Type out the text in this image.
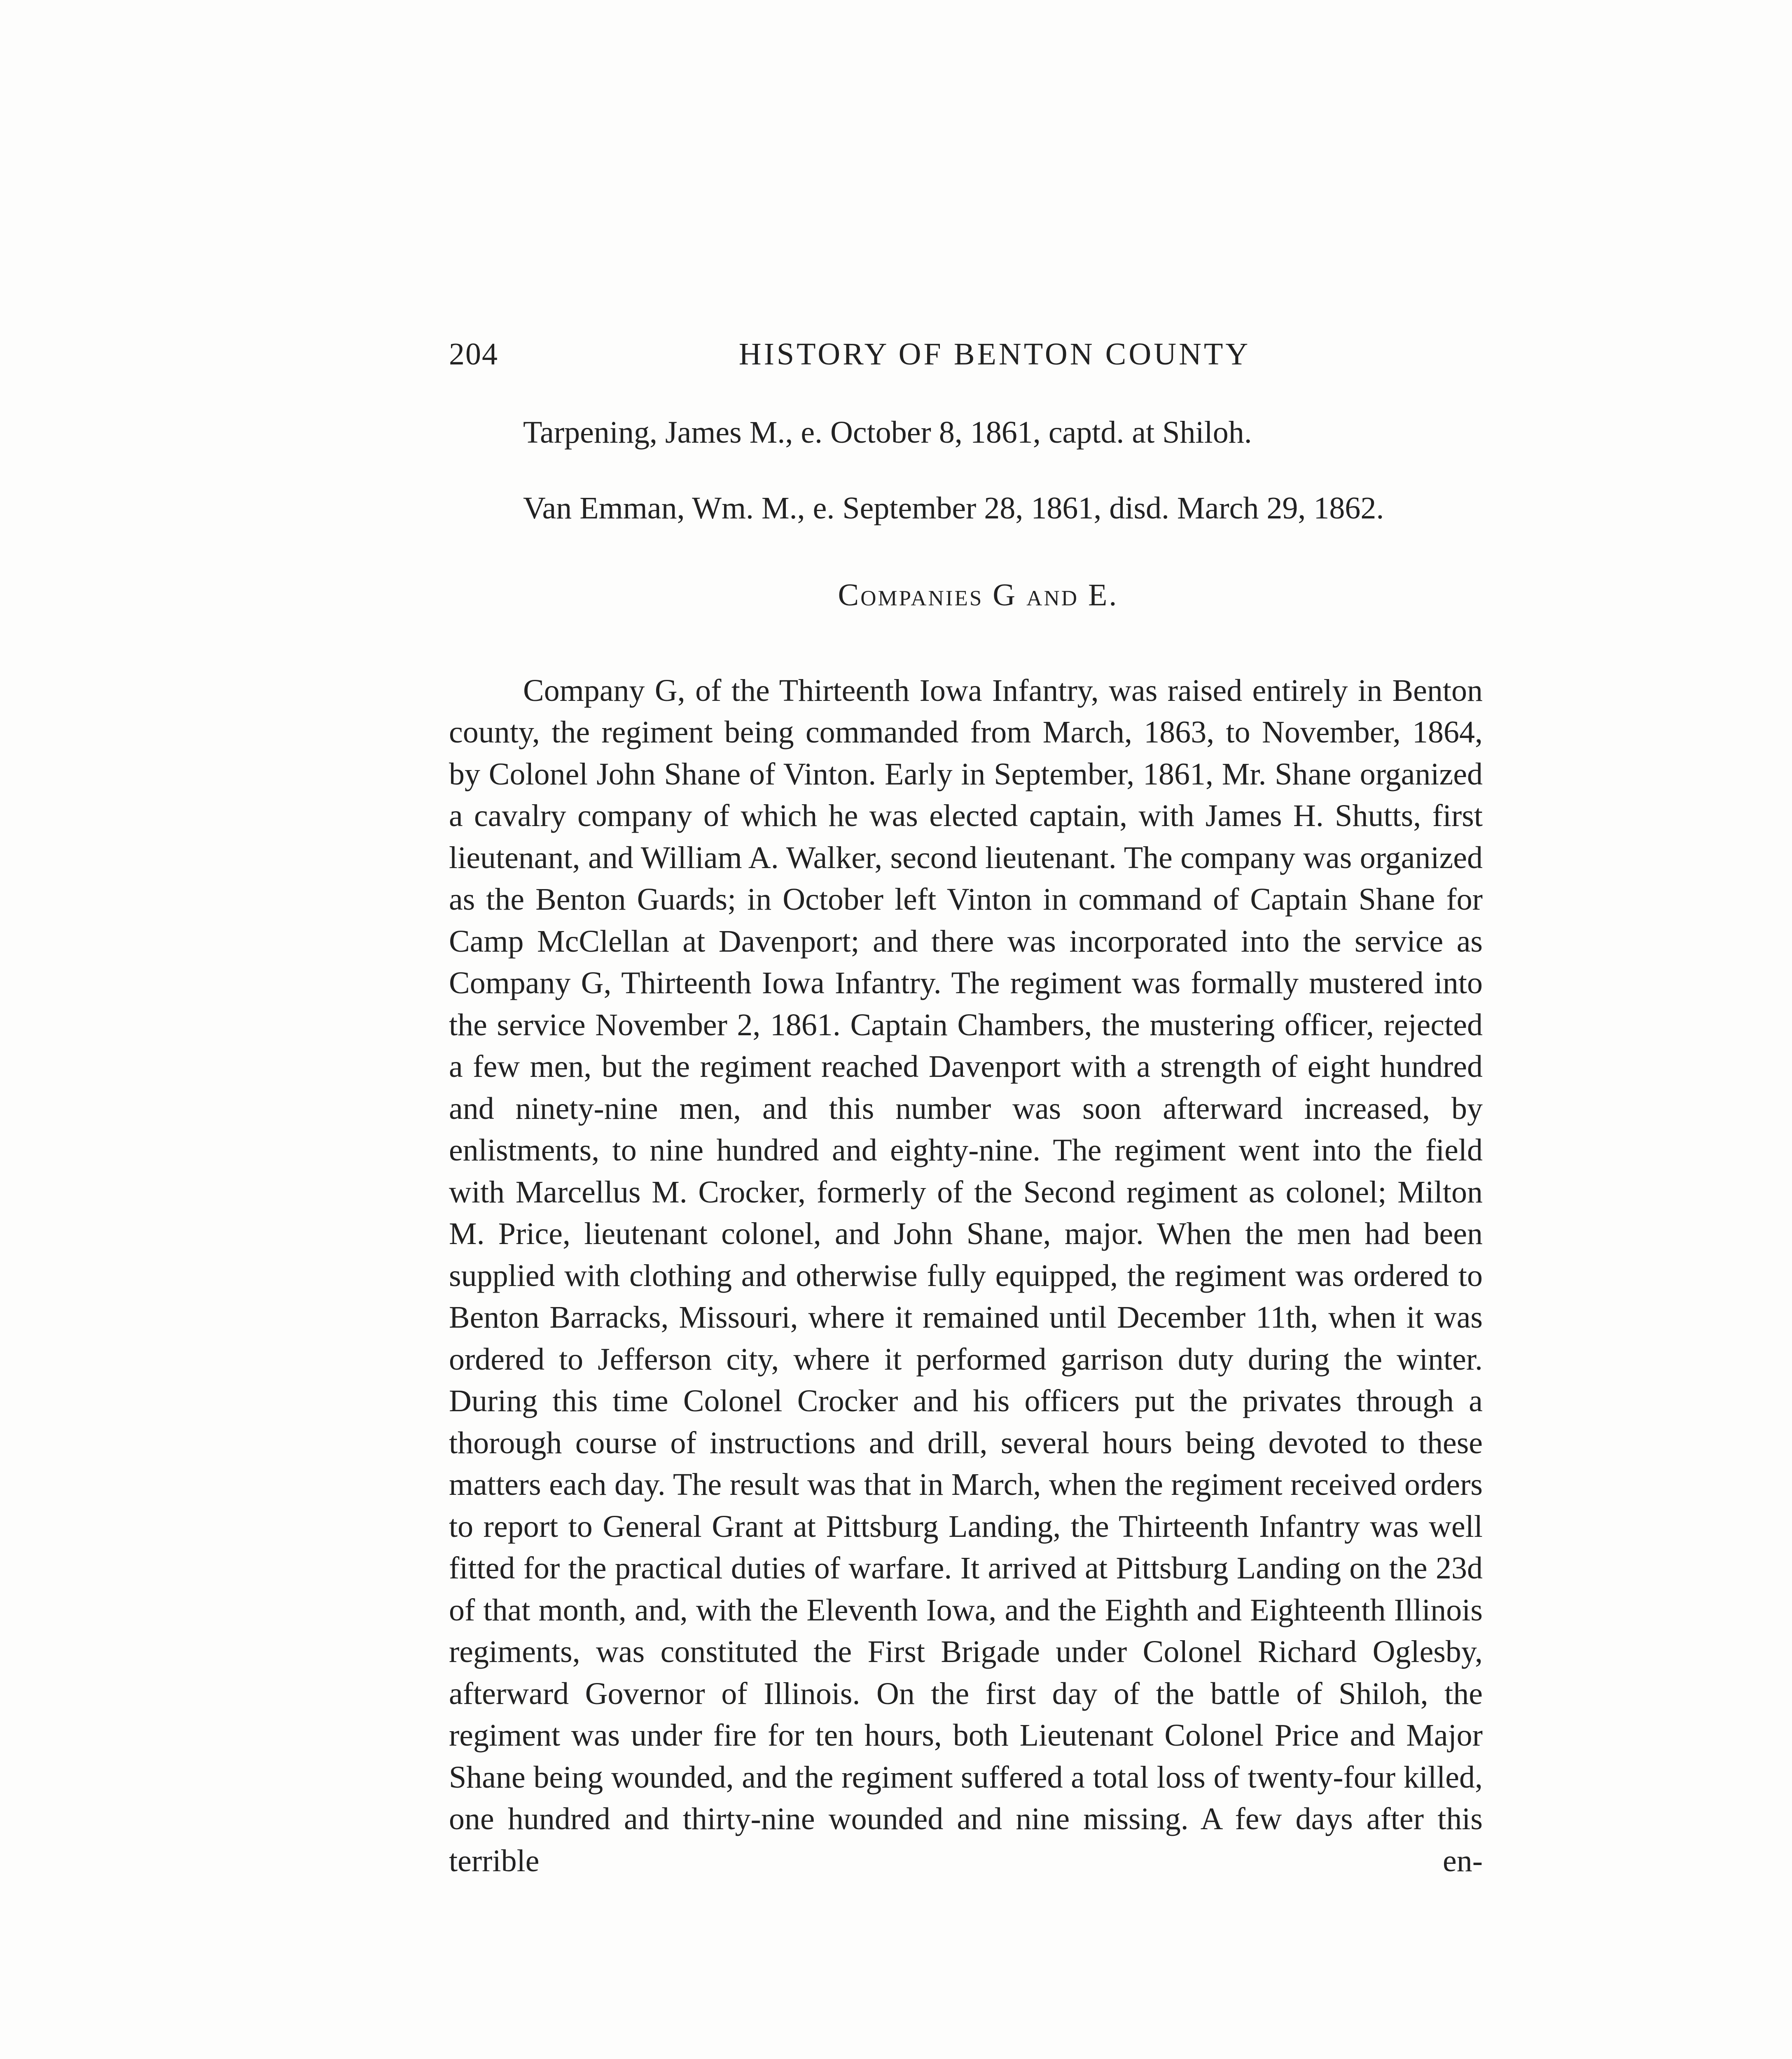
204	HISTORY OF BENTON COUNTY

Tarpening, James M., e. October 8, 1861, captd. at Shiloh.

Van Emman, Wm. M., e. September 28, 1861, disd. March 29, 1862.

Companies G and E.

Company G, of the Thirteenth Iowa Infantry, was raised entirely in Benton county, the regiment being commanded from March, 1863, to November, 1864, by Colonel John Shane of Vinton. Early in September, 1861, Mr. Shane organized a cavalry company of which he was elected captain, with James H. Shutts, first lieutenant, and William A. Walker, second lieutenant. The company was organized as the Benton Guards; in October left Vinton in command of Captain Shane for Camp McClellan at Davenport; and there was incorporated into the service as Company G, Thirteenth Iowa Infantry. The regiment was formally mustered into the service November 2, 1861. Captain Chambers, the mustering officer, rejected a few men, but the regiment reached Davenport with a strength of eight hundred and ninety-nine men, and this number was soon afterward increased, by enlistments, to nine hundred and eighty-nine. The regiment went into the field with Marcellus M. Crocker, formerly of the Second regiment as colonel; Milton M. Price, lieutenant colonel, and John Shane, major. When the men had been supplied with clothing and otherwise fully equipped, the regiment was ordered to Benton Barracks, Missouri, where it remained until December 11th, when it was ordered to Jefferson city, where it performed garrison duty during the winter. During this time Colonel Crocker and his officers put the privates through a thorough course of instructions and drill, several hours being devoted to these matters each day. The result was that in March, when the regiment received orders to report to General Grant at Pittsburg Landing, the Thirteenth Infantry was well fitted for the practical duties of warfare. It arrived at Pittsburg Landing on the 23d of that month, and, with the Eleventh Iowa, and the Eighth and Eighteenth Illinois regiments, was constituted the First Brigade under Colonel Richard Oglesby, afterward Governor of Illinois. On the first day of the battle of Shiloh, the regiment was under fire for ten hours, both Lieutenant Colonel Price and Major Shane being wounded, and the regiment suffered a total loss of twenty-four killed, one hundred and thirty-nine wounded and nine missing. A few days after this terrible en-
